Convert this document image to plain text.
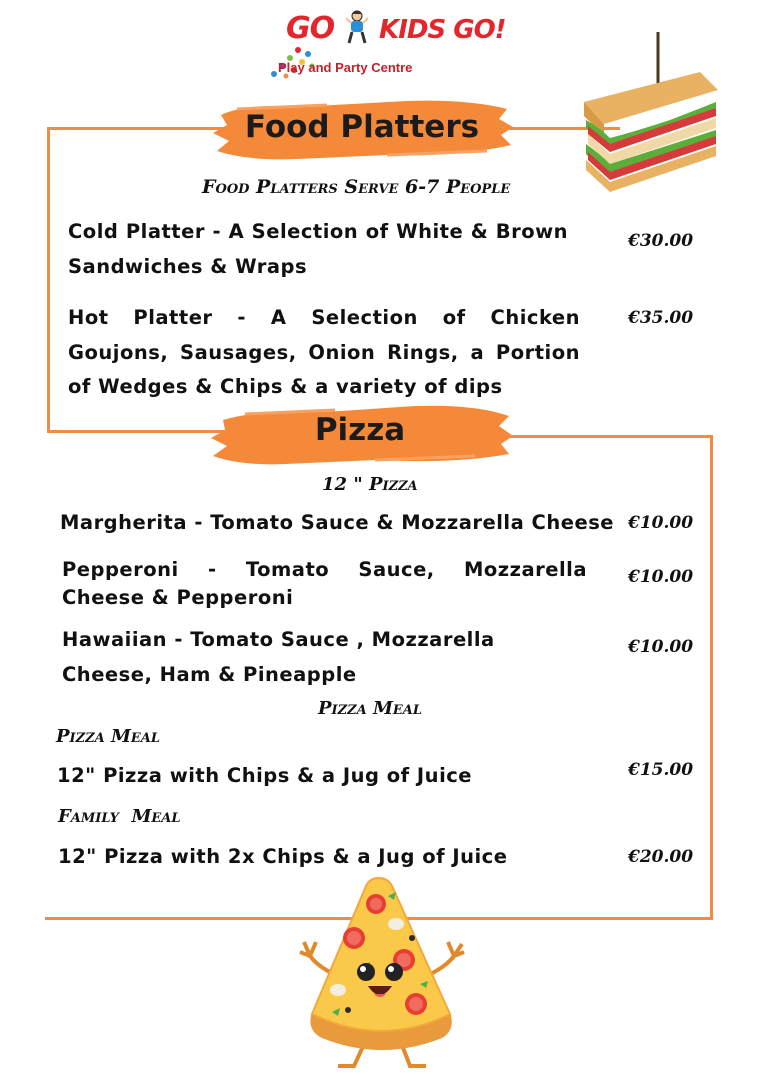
GO KIDS GO!
Play and Party Centre
Food Platters
Food Platters Serve 6-7 People
Cold Platter - A Selection of White & Brown Sandwiches & Wraps
€30.00
Hot Platter - A Selection of Chicken Goujons, Sausages, Onion Rings, a Portion of Wedges & Chips & a variety of dips
€35.00
Pizza
12 " Pizza
Margherita - Tomato Sauce & Mozzarella Cheese €10.00
Pepperoni - Tomato Sauce, Mozzarella Cheese & Pepperoni
€10.00
Hawaiian - Tomato Sauce , Mozzarella Cheese, Ham & Pineapple
€10.00
Pizza Meal
Pizza Meal
12" Pizza with Chips & a Jug of Juice	€15.00
Family  Meal
12" Pizza with 2x Chips & a Jug of Juice	€20.00
